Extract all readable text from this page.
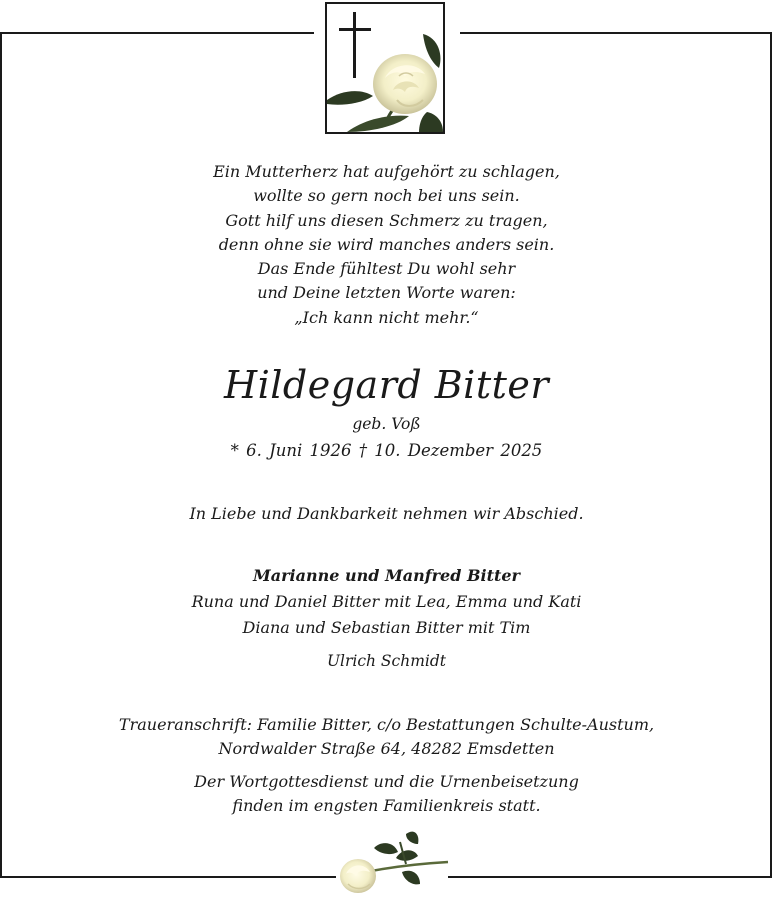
Ein Mutterherz hat aufgehört zu schlagen,
wollte so gern noch bei uns sein.
Gott hilf uns diesen Schmerz zu tragen,
denn ohne sie wird manches anders sein.
Das Ende fühltest Du wohl sehr
und Deine letzten Worte waren:
„Ich kann nicht mehr.“
Hildegard Bitter
geb. Voß
* 6. Juni 1926 † 10. Dezember 2025
In Liebe und Dankbarkeit nehmen wir Abschied.
Marianne und Manfred Bitter
Runa und Daniel Bitter mit Lea, Emma und Kati
Diana und Sebastian Bitter mit Tim
Ulrich Schmidt
Traueranschrift: Familie Bitter, c/o Bestattungen Schulte-Austum,
Nordwalder Straße 64, 48282 Emsdetten
Der Wortgottesdienst und die Urnenbeisetzung
finden im engsten Familienkreis statt.
